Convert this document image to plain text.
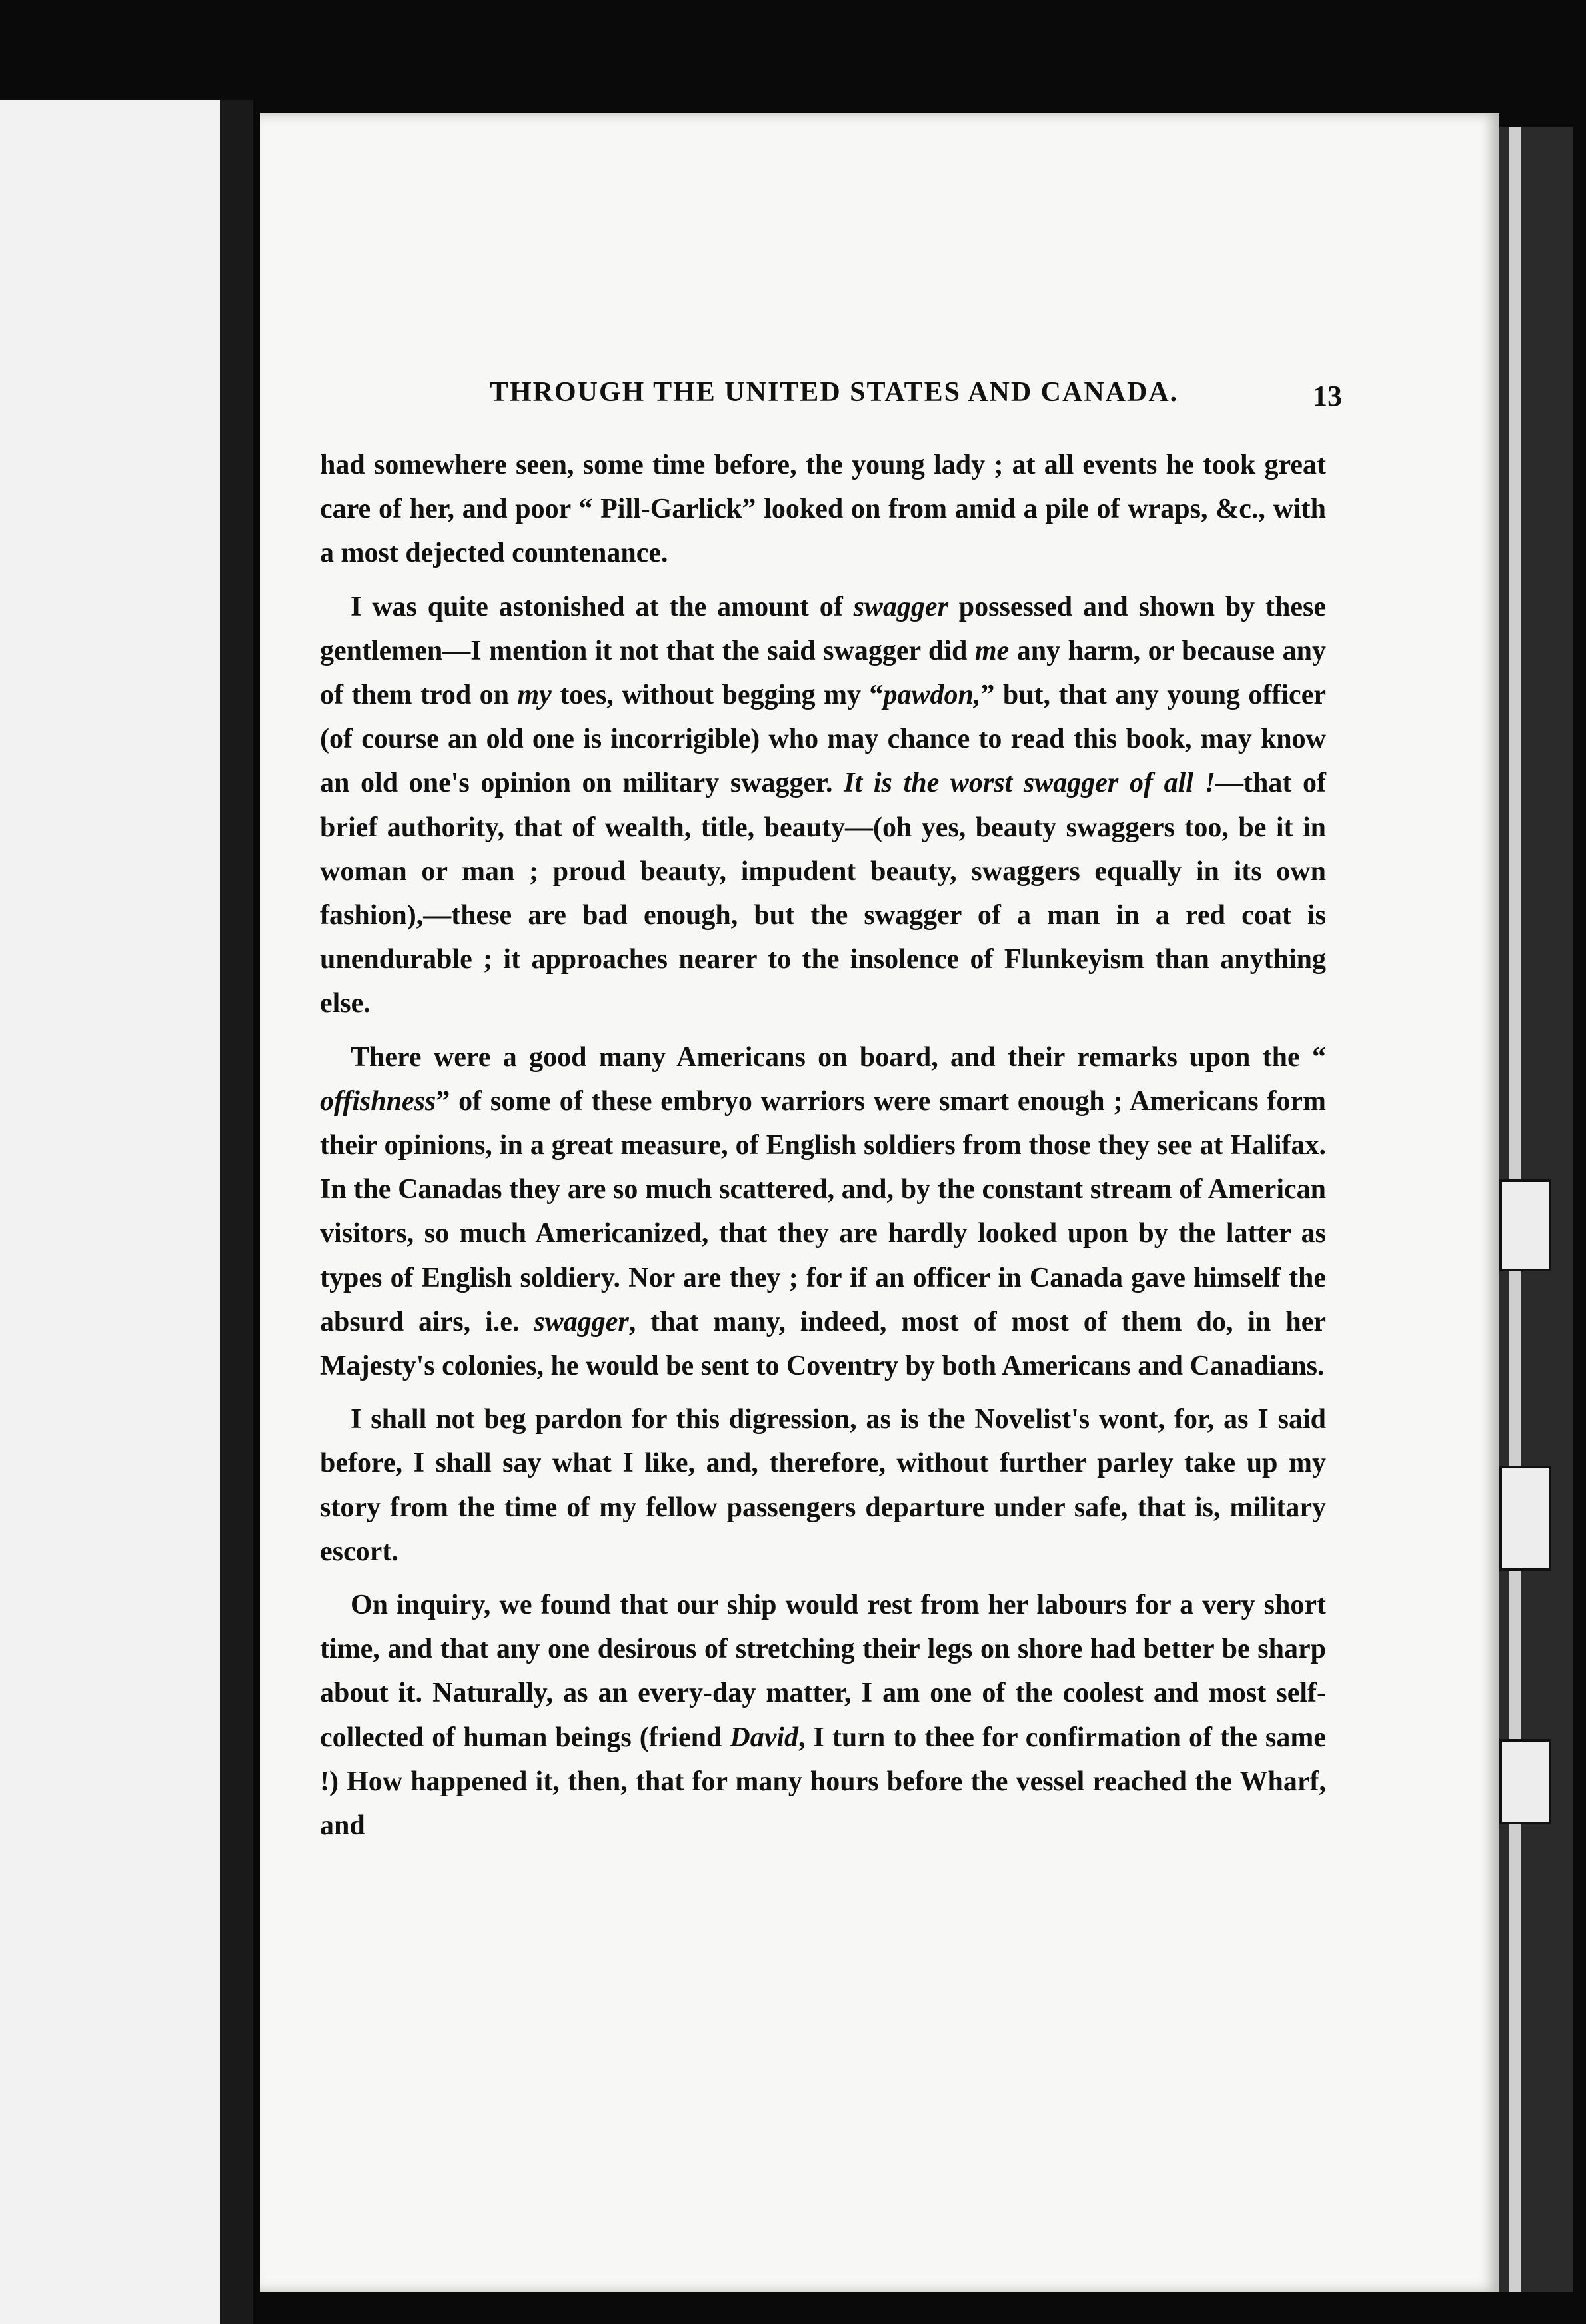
THROUGH THE UNITED STATES AND CANADA.	13

had somewhere seen, some time before, the young lady ; at all events he took great care of her, and poor “ Pill-Garlick” looked on from amid a pile of wraps, &c., with a most dejected countenance.

I was quite astonished at the amount of swagger possessed and shown by these gentlemen—I mention it not that the said swagger did me any harm, or because any of them trod on my toes, without begging my “pawdon,” but, that any young officer (of course an old one is incorrigible) who may chance to read this book, may know an old one's opinion on military swagger. It is the worst swagger of all !—that of brief authority, that of wealth, title, beauty—(oh yes, beauty swaggers too, be it in woman or man ; proud beauty, impudent beauty, swaggers equally in its own fashion),—these are bad enough, but the swagger of a man in a red coat is unendurable ; it approaches nearer to the insolence of Flunkeyism than anything else.

There were a good many Americans on board, and their remarks upon the “ offishness” of some of these embryo warriors were smart enough ; Americans form their opinions, in a great measure, of English soldiers from those they see at Halifax. In the Canadas they are so much scattered, and, by the constant stream of American visitors, so much Americanized, that they are hardly looked upon by the latter as types of English soldiery. Nor are they ; for if an officer in Canada gave himself the absurd airs, i.e. swagger, that many, indeed, most of most of them do, in her Majesty's colonies, he would be sent to Coventry by both Americans and Canadians.

I shall not beg pardon for this digression, as is the Novelist's wont, for, as I said before, I shall say what I like, and, therefore, without further parley take up my story from the time of my fellow passengers departure under safe, that is, military escort.

On inquiry, we found that our ship would rest from her labours for a very short time, and that any one desirous of stretching their legs on shore had better be sharp about it. Naturally, as an every-day matter, I am one of the coolest and most self-collected of human beings (friend David, I turn to thee for confirmation of the same !) How happened it, then, that for many hours before the vessel reached the Wharf, and
